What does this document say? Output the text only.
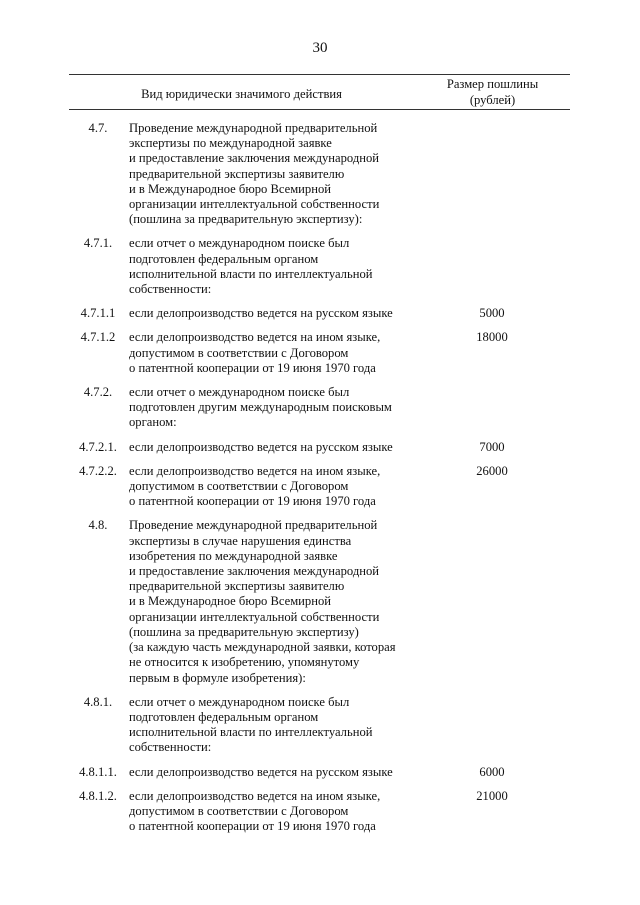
30
Вид юридически значимого действия
Размер пошлины
(рублей)
4.7.	Проведение международной предварительной
экспертизы по международной заявке
и предоставление заключения международной
предварительной экспертизы заявителю
и в Международное бюро Всемирной
организации интеллектуальной собственности
(пошлина за предварительную экспертизу):
4.7.1.	если отчет о международном поиске был
подготовлен федеральным органом
исполнительной власти по интеллектуальной
собственности:
4.7.1.1	если делопроизводство ведется на русском языке	5000
4.7.1.2	если делопроизводство ведется на ином языке,
допустимом в соответствии с Договором
о патентной кооперации от 19 июня 1970 года
18000
4.7.2.	если отчет о международном поиске был
подготовлен другим международным поисковым
органом:
4.7.2.1. если делопроизводство ведется на русском языке	7000
4.7.2.2. если делопроизводство ведется на ином языке,
допустимом в соответствии с Договором
о патентной кооперации от 19 июня 1970 года
26000
4.8.	Проведение международной предварительной
экспертизы в случае нарушения единства
изобретения по международной заявке
и предоставление заключения международной
предварительной экспертизы заявителю
и в Международное бюро Всемирной
организации интеллектуальной собственности
(пошлина за предварительную экспертизу)
(за каждую часть международной заявки, которая
не относится к изобретению, упомянутому
первым в формуле изобретения):
4.8.1.	если отчет о международном поиске был
подготовлен федеральным органом
исполнительной власти по интеллектуальной
собственности:
4.8.1.1. если делопроизводство ведется на русском языке	6000
4.8.1.2. если делопроизводство ведется на ином языке,
допустимом в соответствии с Договором
о патентной кооперации от 19 июня 1970 года
21000
